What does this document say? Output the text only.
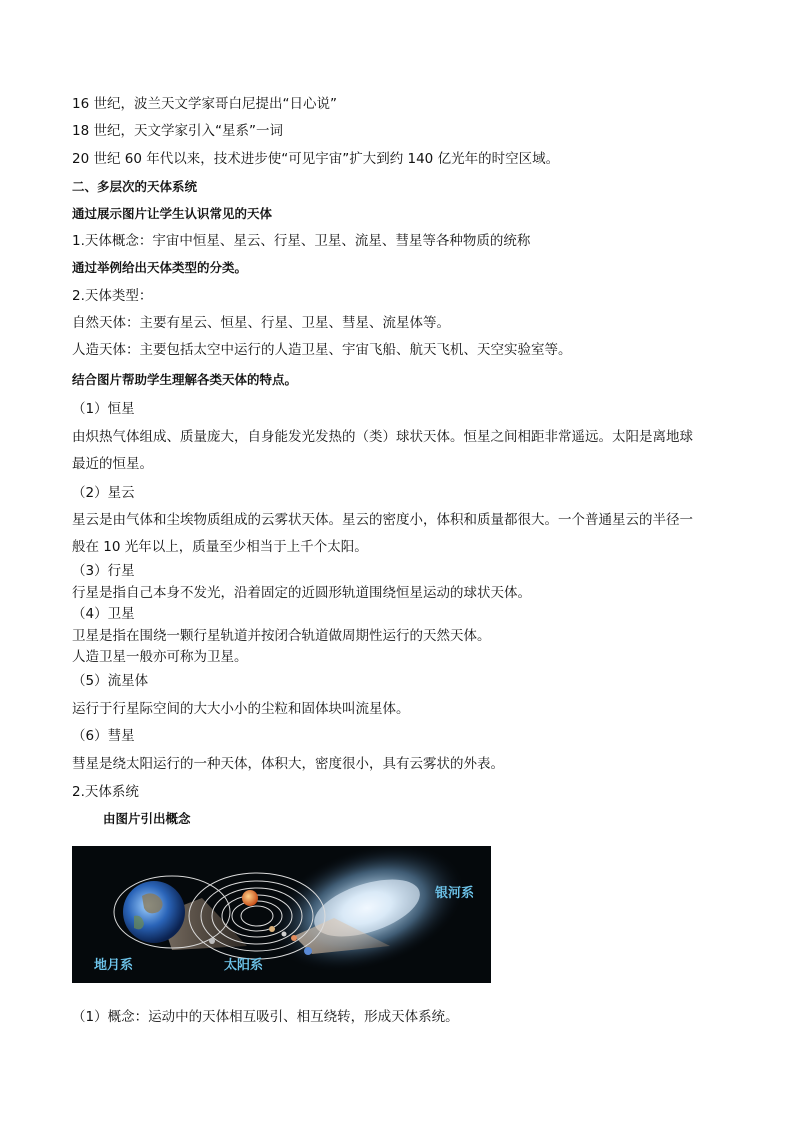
16 世纪，波兰天文学家哥白尼提出“日心说”
18 世纪，天文学家引入“星系”一词
20 世纪 60 年代以来，技术进步使“可见宇宙”扩大到约 140 亿光年的时空区域。
二、多层次的天体系统
通过展示图片让学生认识常见的天体
1.天体概念：宇宙中恒星、星云、行星、卫星、流星、彗星等各种物质的统称
通过举例给出天体类型的分类。
2.天体类型：
自然天体：主要有星云、恒星、行星、卫星、彗星、流星体等。
人造天体：主要包括太空中运行的人造卫星、宇宙飞船、航天飞机、天空实验室等。
结合图片帮助学生理解各类天体的特点。
（1）恒星
由炽热气体组成、质量庞大，自身能发光发热的（类）球状天体。恒星之间相距非常遥远。太阳是离地球
最近的恒星。
（2）星云
星云是由气体和尘埃物质组成的云雾状天体。星云的密度小，体积和质量都很大。一个普通星云的半径一
般在 10 光年以上，质量至少相当于上千个太阳。
（3）行星
行星是指自己本身不发光，沿着固定的近圆形轨道围绕恒星运动的球状天体。
（4）卫星
卫星是指在围绕一颗行星轨道并按闭合轨道做周期性运行的天然天体。
人造卫星一般亦可称为卫星。
（5）流星体
运行于行星际空间的大大小小的尘粒和固体块叫流星体。
（6）彗星
彗星是绕太阳运行的一种天体，体积大，密度很小，具有云雾状的外表。
2.天体系统
由图片引出概念
地月系	太阳系
银河系
（1）概念：运动中的天体相互吸引、相互绕转，形成天体系统。
